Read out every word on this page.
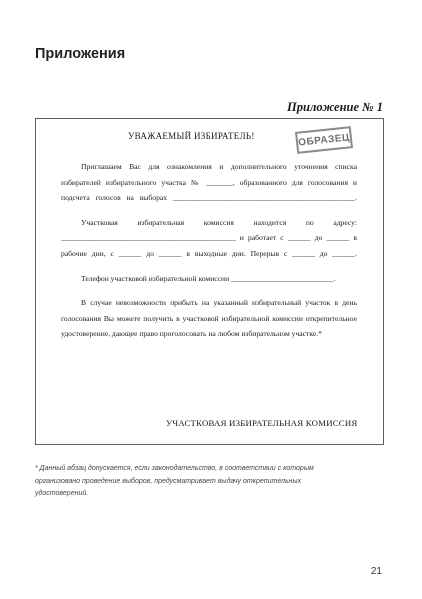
Приложения
Приложение № 1
ОБРАЗЕЦ
УВАЖАЕМЫЙ ИЗБИРАТЕЛЬ!

Приглашаем Вас для ознакомления и дополнительного уточнения списка избирателей избирательного участка № _______, образованного для голосования и подсчета голосов на выборах ________________________________________________.

Участковая избирательная комиссия находится по адресу: ______________________________________________ и работает с ______ до ______ в рабочие дни, с ______ до ______ в выходные дни. Перерыв с ______ до ______.

Телефон участковой избирательной комиссии ___________________________.

В случае невозможности прибыть на указанный избирательный участок в день голосования Вы можете получить в участковой избирательной комиссии открепительное удостоверение, дающее право проголосовать на любом избирательном участке.*

УЧАСТКОВАЯ ИЗБИРАТЕЛЬНАЯ КОМИССИЯ
* Данный абзац допускается, если законодательство, в соответствии с которым организовано проведение выборов, предусматривает выдачу открепительных удостоверений.
21
